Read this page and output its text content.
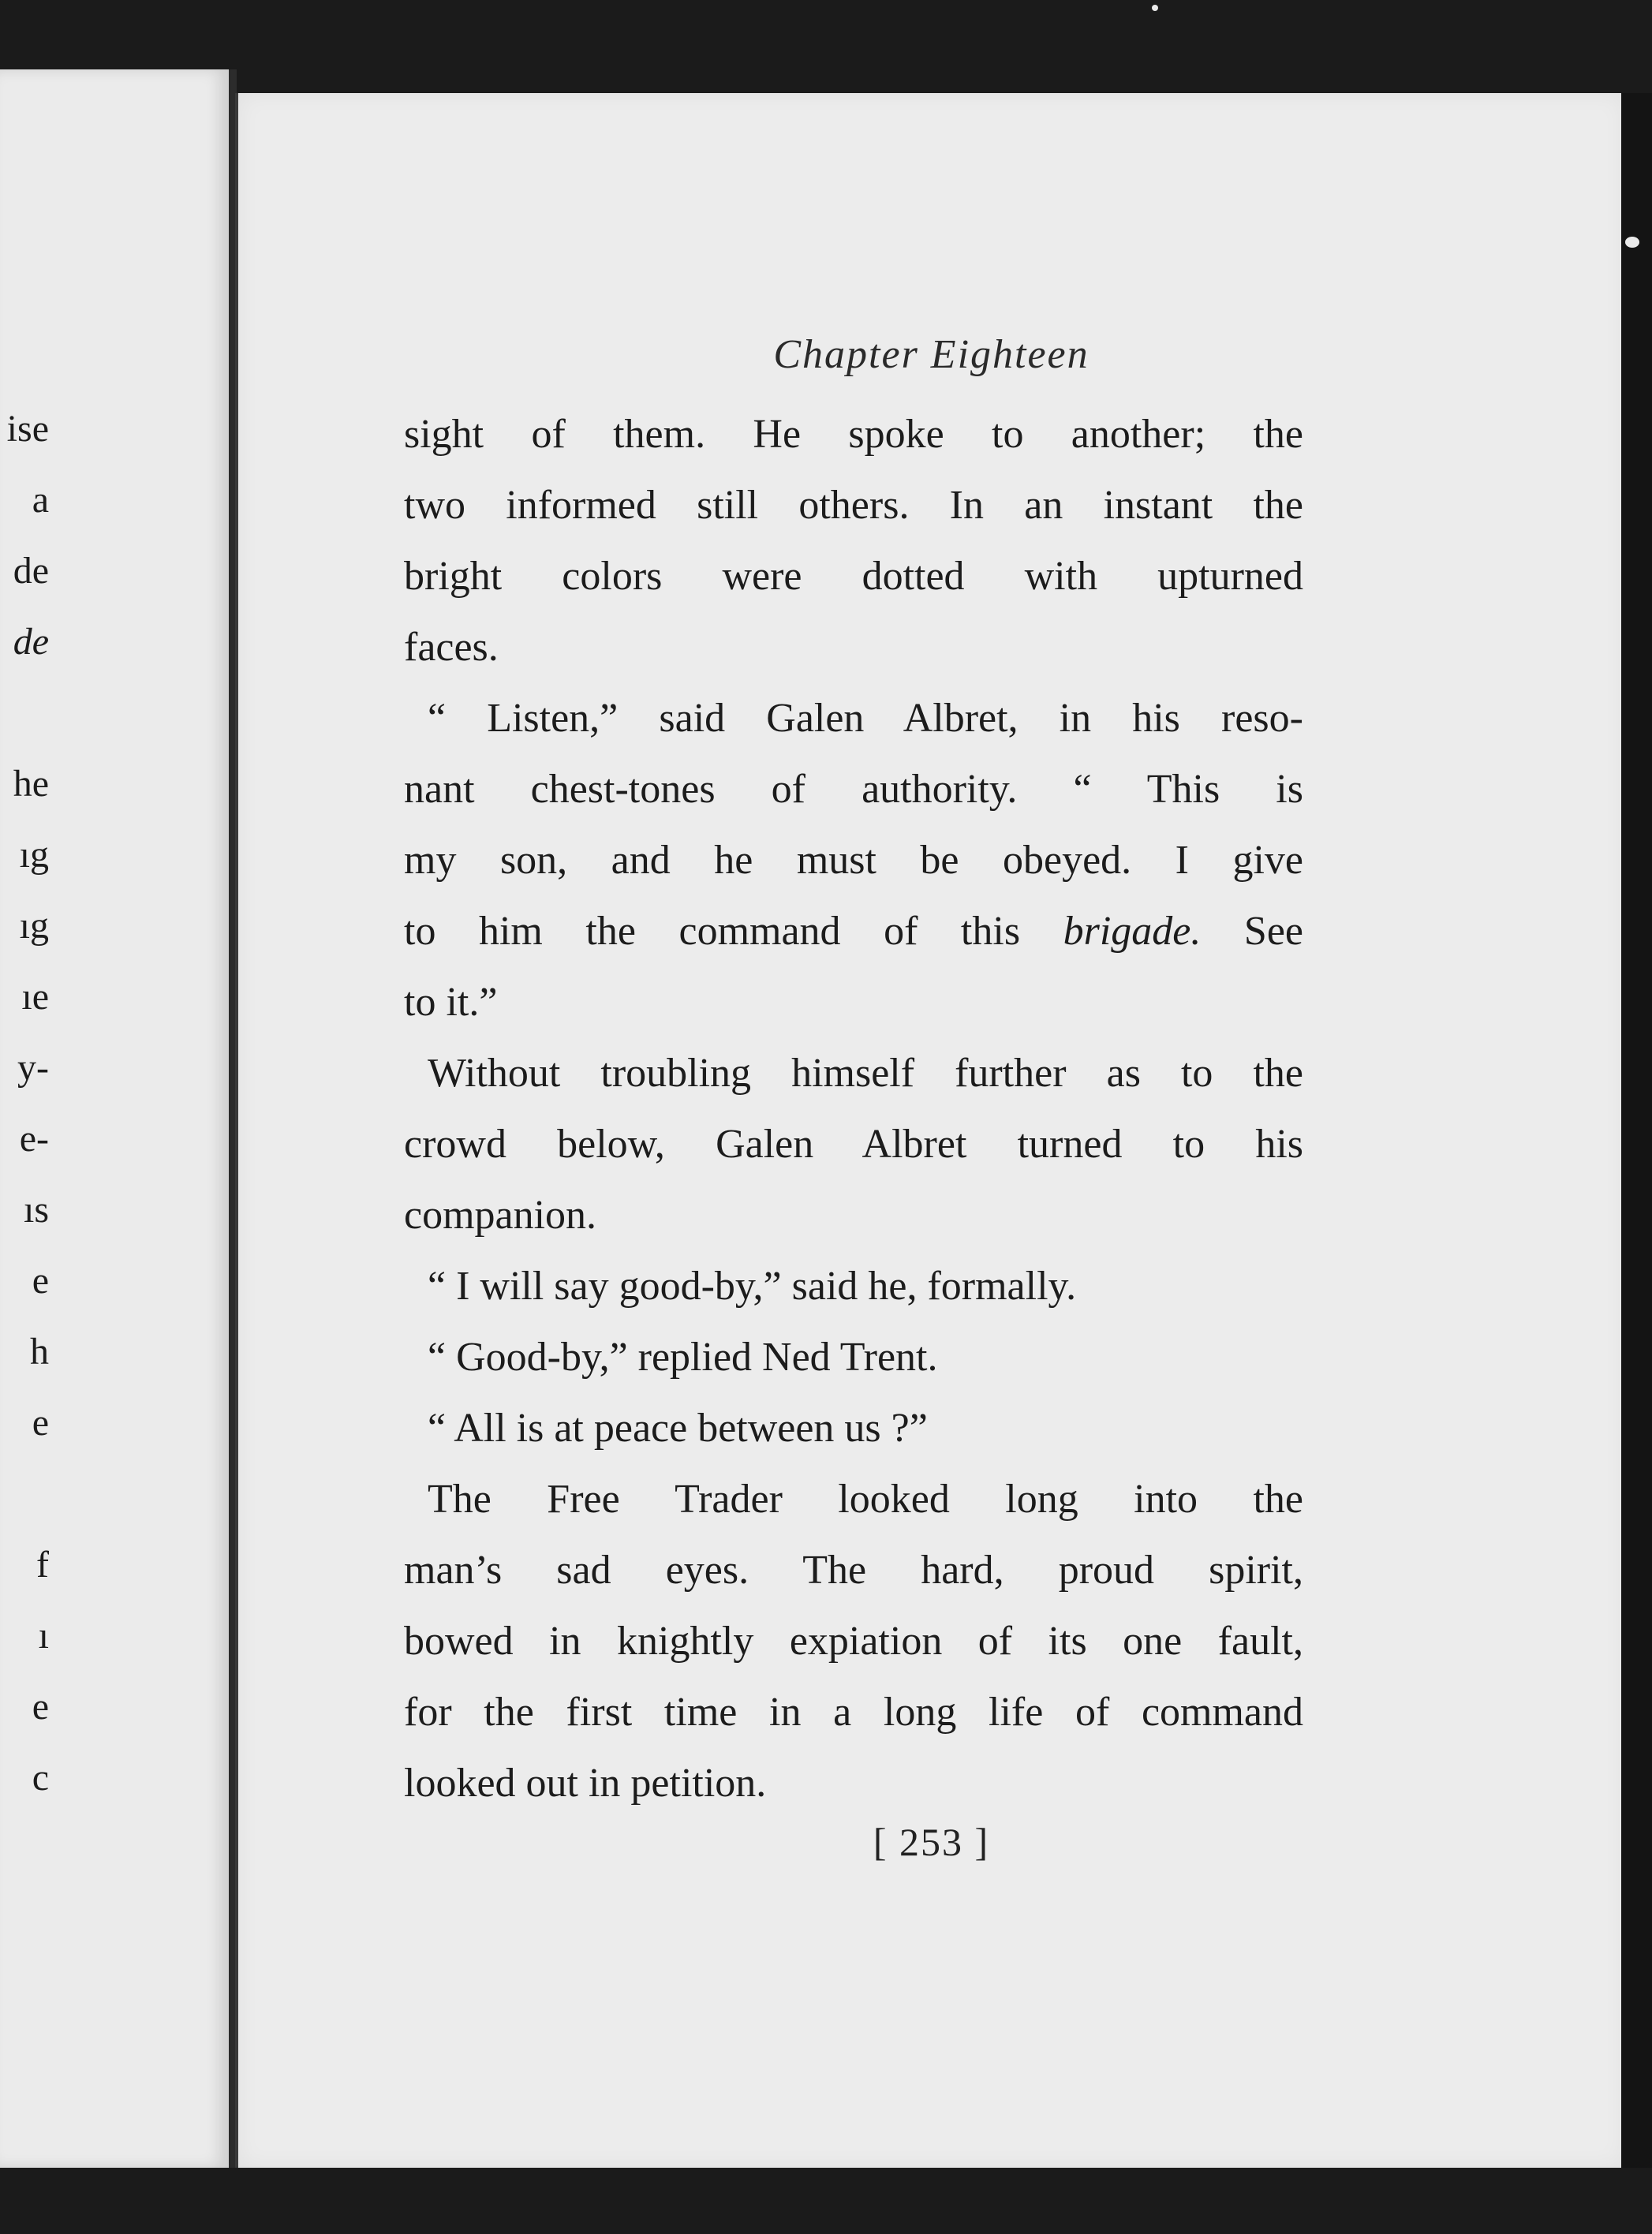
ise
a
de
de
he
ıg
ıg
ıe
y-
e-
ıs
e
h
e
f
ı
e
c
Chapter Eighteen
sight of them. He spoke to another; the
two informed still others. In an instant the
bright colors were dotted with upturned
faces.
“ Listen,” said Galen Albret, in his reso-
nant chest-tones of authority. “ This is
my son, and he must be obeyed. I give
to him the command of this brigade. See
to it.”
Without troubling himself further as to the
crowd below, Galen Albret turned to his
companion.
“ I will say good-by,” said he, formally.
“ Good-by,” replied Ned Trent.
“ All is at peace between us ?”
The Free Trader looked long into the
man’s sad eyes. The hard, proud spirit,
bowed in knightly expiation of its one fault,
for the first time in a long life of command
looked out in petition.
[ 253 ]
